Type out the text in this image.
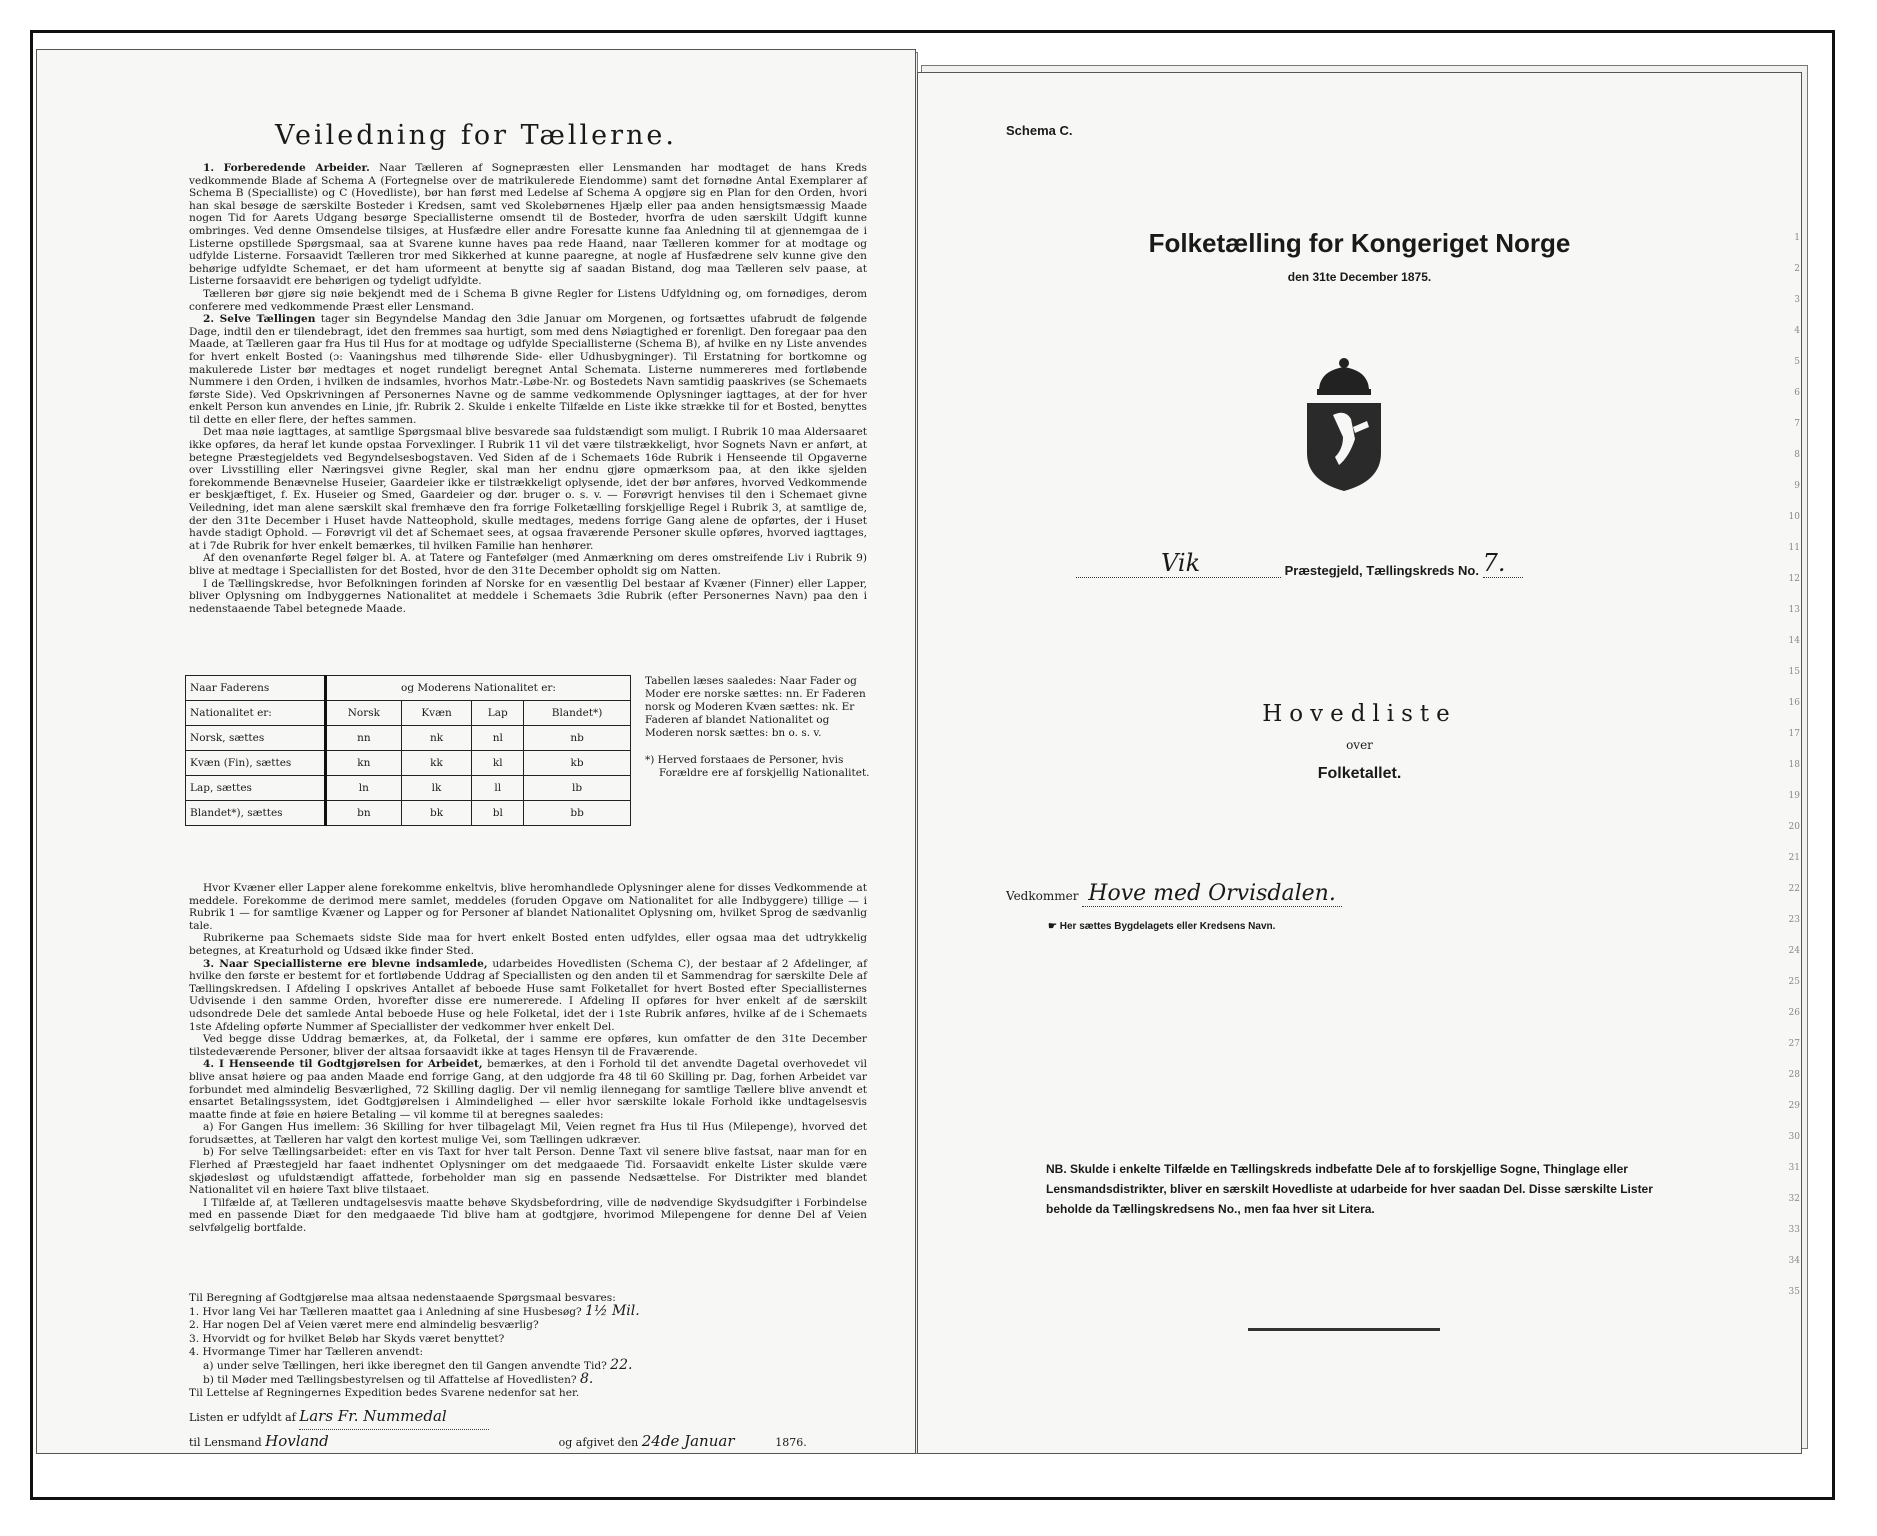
Veiledning for Tællerne.

1. Forberedende Arbeider. Naar Tælleren af Sognepræsten eller Lensmanden har modtaget de hans Kreds vedkommende Blade af Schema A (Fortegnelse over de matrikulerede Eiendomme) samt det fornødne Antal Exemplarer af Schema B (Specialliste) og C (Hovedliste), bør han først med Ledelse af Schema A opgjøre sig en Plan for den Orden, hvori han skal besøge de særskilte Bosteder i Kredsen, samt ved Skolebørnenes Hjælp eller paa anden hensigtsmæssig Maade nogen Tid for Aarets Udgang besørge Speciallisterne omsendt til de Bosteder, hvorfra de uden særskilt Udgift kunne ombringes. Ved denne Omsendelse tilsiges, at Husfædre eller andre Foresatte kunne faa Anledning til at gjennemgaa de i Listerne opstillede Spørgsmaal, saa at Svarene kunne haves paa rede Haand, naar Tælleren kommer for at modtage og udfylde Listerne. Forsaavidt Tælleren tror med Sikkerhed at kunne paaregne, at nogle af Husfædrene selv kunne give den behørige udfyldte Schemaet, er det ham uformeent at benytte sig af saadan Bistand, dog maa Tælleren selv paase, at Listerne forsaavidt ere behørigen og tydeligt udfyldte.

Tælleren bør gjøre sig nøie bekjendt med de i Schema B givne Regler for Listens Udfyldning og, om fornødiges, derom conferere med vedkommende Præst eller Lensmand.

2. Selve Tællingen tager sin Begyndelse Mandag den 3die Januar om Morgenen, og fortsættes ufabrudt de følgende Dage, indtil den er tilendebragt, idet den fremmes saa hurtigt, som med dens Nøiagtighed er forenligt. Den foregaar paa den Maade, at Tælleren gaar fra Hus til Hus for at modtage og udfylde Speciallisterne (Schema B), af hvilke en ny Liste anvendes for hvert enkelt Bosted (ɔ: Vaaningshus med tilhørende Side- eller Udhusbygninger). Til Erstatning for bortkomne og makulerede Lister bør medtages et noget rundeligt beregnet Antal Schemata. Listerne nummereres med fortløbende Nummere i den Orden, i hvilken de indsamles, hvorhos Matr.-Løbe-Nr. og Bostedets Navn samtidig paaskrives (se Schemaets første Side). Ved Opskrivningen af Personernes Navne og de samme vedkommende Oplysninger iagttages, at der for hver enkelt Person kun anvendes en Linie, jfr. Rubrik 2. Skulde i enkelte Tilfælde en Liste ikke strække til for et Bosted, benyttes til dette en eller flere, der heftes sammen.

Det maa nøie iagttages, at samtlige Spørgsmaal blive besvarede saa fuldstændigt som muligt. I Rubrik 10 maa Aldersaaret ikke opføres, da heraf let kunde opstaa Forvexlinger. I Rubrik 11 vil det være tilstrækkeligt, hvor Sognets Navn er anført, at betegne Præstegjeldets ved Begyndelsesbogstaven. Ved Siden af de i Schemaets 16de Rubrik i Henseende til Opgaverne over Livsstilling eller Næringsvei givne Regler, skal man her endnu gjøre opmærksom paa, at den ikke sjelden forekommende Benævnelse Huseier, Gaardeier ikke er tilstrækkeligt oplysende, idet der bør anføres, hvorved Vedkommende er beskjæftiget, f. Ex. Huseier og Smed, Gaardeier og dør. brugеr o. s. v. — Forøvrigt henvises til den i Schemaet givne Veiledning, idet man alene særskilt skal fremhæve den fra forrige Folketælling forskjellige Regel i Rubrik 3, at samtlige de, der den 31te December i Huset havde Natteophold, skulle medtages, medens forrige Gang alene de opførtes, der i Huset havde stadigt Ophold. — Forøvrigt vil det af Schemaet sees, at ogsaa fraværende Personer skulle opføres, hvorved iagttages, at i 7de Rubrik for hver enkelt bemærkes, til hvilken Familie han henhører.

Af den ovenanførte Regel følger bl. A. at Tatere og Fantefølger (med Anmærkning om deres omstreifende Liv i Rubrik 9) blive at medtage i Speciallisten for det Bosted, hvor de den 31te December opholdt sig om Natten.

I de Tællingskredse, hvor Befolkningen forinden af Norske for en væsentlig Del bestaar af Kvæner (Finner) eller Lapper, bliver Oplysning om Indbyggernes Nationalitet at meddele i Schemaets 3die Rubrik (efter Personernes Navn) paa den i nedenstaaende Tabel betegnede Maade.

Naar Faderens	og Moderens Nationalitet er:			
Nationalitet er:	Norsk	Kvæn	Lap	Blandet*)
Norsk, sættes	nn	nk	nl	nb
Kvæn (Fin), sættes	kn	kk	kl	kb
Lap, sættes	ln	lk	ll	lb
Blandet*), sættes	bn	bk	bl	bb

Tabellen læses saaledes: Naar Fader og Moder ere norske sættes: nn. Er Faderen norsk og Moderen Kvæn sættes: nk. Er Faderen af blandet Nationalitet og Moderen norsk sættes: bn o. s. v.

*) Herved forstaaes de Personer, hvis Forældre ere af forskjellig Nationalitet.

Hvor Kvæner eller Lapper alene forekomme enkeltvis, blive heromhandlede Oplysninger alene for disses Vedkommende at meddele. Forekomme de derimod mere samlet, meddeles (foruden Opgave om Nationalitet for alle Indbyggere) tillige — i Rubrik 1 — for samtlige Kvæner og Lapper og for Personer af blandet Nationalitet Oplysning om, hvilket Sprog de sædvanlig tale.

Rubrikerne paa Schemaets sidste Side maa for hvert enkelt Bosted enten udfyldes, eller ogsaa maa det udtrykkelig betegnes, at Kreaturhold og Udsæd ikke finder Sted.

3. Naar Speciallisterne ere blevne indsamlede, udarbeides Hovedlisten (Schema C), der bestaar af 2 Afdelinger, af hvilke den første er bestemt for et fortløbende Uddrag af Speciallisten og den anden til et Sammendrag for særskilte Dele af Tællingskredsen. I Afdeling I opskrives Antallet af beboede Huse samt Folketallet for hvert Bosted efter Speciallisternes Udvisende i den samme Orden, hvorefter disse ere numererede. I Afdeling II opføres for hver enkelt af de særskilt udsondrede Dele det samlede Antal beboede Huse og hele Folketal, idet der i 1ste Rubrik anføres, hvilke af de i Schemaets 1ste Afdeling opførte Nummer af Speciallister der vedkommer hver enkelt Del.

Ved begge disse Uddrag bemærkes, at, da Folketal, der i samme ere opføres, kun omfatter de den 31te December tilstedeværende Personer, bliver der altsaa forsaavidt ikke at tages Hensyn til de Fraværende.

4. I Henseende til Godtgjørelsen for Arbeidet, bemærkes, at den i Forhold til det anvendte Dagetal overhovedet vil blive ansat høiere og paa anden Maade end forrige Gang, at den udgjorde fra 48 til 60 Skilling pr. Dag, forhen Arbeidet var forbundet med almindelig Besværlighed, 72 Skilling daglig. Der vil nemlig ilennegang for samtlige Tællere blive anvendt et ensartet Betalingssystem, idet Godtgjørelsen i Almindelighed — eller hvor særskilte lokale Forhold ikke undtagelsesvis maatte finde at føie en høiere Betaling — vil komme til at beregnes saaledes:

a) For Gangen Hus imellem: 36 Skilling for hver tilbagelagt Mil, Veien regnet fra Hus til Hus (Milepenge), hvorved det forudsættes, at Tælleren har valgt den kortest mulige Vei, som Tællingen udkræver.

b) For selve Tællingsarbeidet: efter en vis Taxt for hver talt Person. Denne Taxt vil senere blive fastsat, naar man for en Flerhed af Præstegjeld har faaet indhentet Oplysninger om det medgaaede Tid. Forsaavidt enkelte Lister skulde være skjødesløst og ufuldstændigt affattede, forbeholder man sig en passende Nedsættelse. For Distrikter med blandet Nationalitet vil en høiere Taxt blive tilstaaet.

I Tilfælde af, at Tælleren undtagelsesvis maatte behøve Skydsbefordring, ville de nødvendige Skydsudgifter i Forbindelse med en passende Diæt for den medgaaede Tid blive ham at godtgjøre, hvorimod Milepengene for denne Del af Veien selvfølgelig bortfalde.

Til Beregning af Godtgjørelse maa altsaa nedenstaaende Spørgsmaal besvares:

1. Hvor lang Vei har Tælleren maattet gaa i Anledning af sine Husbesøg? 1½ Mil.

2. Har nogen Del af Veien været mere end almindelig besværlig?

3. Hvorvidt og for hvilket Beløb har Skyds været benyttet?

4. Hvormange Timer har Tælleren anvendt:

a) under selve Tællingen, heri ikke iberegnet den til Gangen anvendte Tid? 22.

b) til Møder med Tællingsbestyrelsen og til Affattelse af Hovedlisten? 8.

Til Lettelse af Regningernes Expedition bedes Svarene nedenfor sat her.

Listen er udfyldt af Lars Fr. Nummedal
til Lensmand Hovland	og afgivet den 24de Januar	1876.
Schema C.
Folketælling for Kongeriget Norge
den 31te December 1875.
Vik	Præstegjeld, Tællingskreds No. 7.
Hovedliste
over
Folketallet.
Vedkommer Hove med Orvisdalen.
☛ Her sættes Bygdelagets eller Kredsens Navn.
NB. Skulde i enkelte Tilfælde en Tællingskreds indbefatte Dele af to forskjellige Sogne, Thinglage eller Lensmandsdistrikter, bliver en særskilt Hovedliste at udarbeide for hver saadan Del. Disse særskilte Lister beholde da Tællingskredsens No., men faa hver sit Litera.
1
2
3
4
5
6
7
8
9
10
11
12
13
14
15
16
17
18
19
20
21
22
23
24
25
26
27
28
29
30
31
32
33
34
35
